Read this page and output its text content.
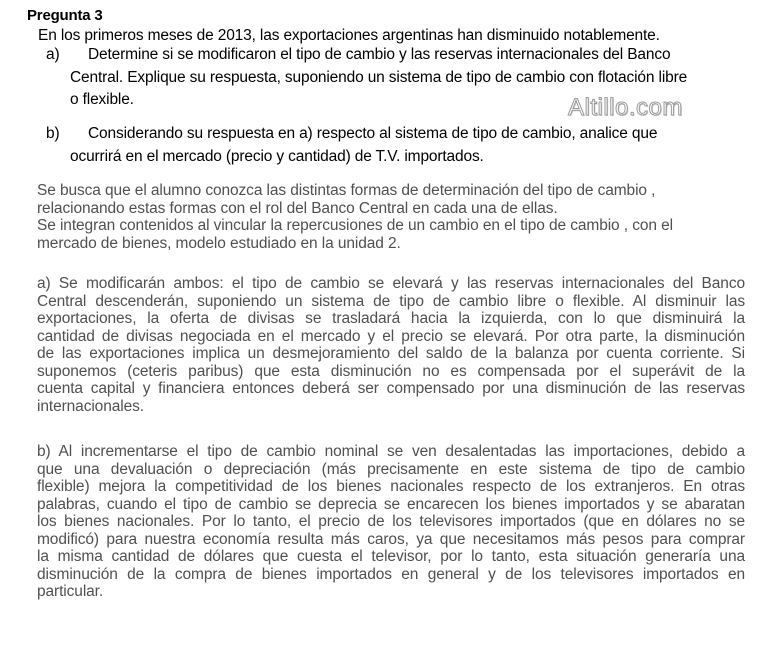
Pregunta 3
En los primeros meses de 2013, las exportaciones argentinas han disminuido notablemente.
a)	Determine si se modificaron el tipo de cambio y las reservas internacionales del Banco
Central. Explique su respuesta, suponiendo un sistema de tipo de cambio con flotación libre
o flexible.	Altillo.com
b)	Considerando su respuesta en a) respecto al sistema de tipo de cambio, analice que
ocurrirá en el mercado (precio y cantidad) de T.V. importados.
Se busca que el alumno conozca las distintas formas de determinación del tipo de cambio ,
relacionando estas formas con el rol del Banco Central en cada una de ellas.
Se integran contenidos al vincular la repercusiones de un cambio en el tipo de cambio , con el
mercado de bienes, modelo estudiado en la unidad 2.
a) Se modificarán ambos: el tipo de cambio se elevará y las reservas internacionales del Banco
Central descenderán, suponiendo un sistema de tipo de cambio libre o flexible. Al disminuir las
exportaciones, la oferta de divisas se trasladará hacia la izquierda, con lo que disminuirá la
cantidad de divisas negociada en el mercado y el precio se elevará. Por otra parte, la disminución
de las exportaciones implica un desmejoramiento del saldo de la balanza por cuenta corriente. Si
suponemos (ceteris paribus) que esta disminución no es compensada por el superávit de la
cuenta capital y financiera entonces deberá ser compensado por una disminución de las reservas
internacionales.
b) Al incrementarse el tipo de cambio nominal se ven desalentadas las importaciones, debido a
que una devaluación o depreciación (más precisamente en este sistema de tipo de cambio
flexible) mejora la competitividad de los bienes nacionales respecto de los extranjeros. En otras
palabras, cuando el tipo de cambio se deprecia se encarecen los bienes importados y se abaratan
los bienes nacionales. Por lo tanto, el precio de los televisores importados (que en dólares no se
modificó) para nuestra economía resulta más caros, ya que necesitamos más pesos para comprar
la misma cantidad de dólares que cuesta el televisor, por lo tanto, esta situación generaría una
disminución de la compra de bienes importados en general y de los televisores importados en
particular.
